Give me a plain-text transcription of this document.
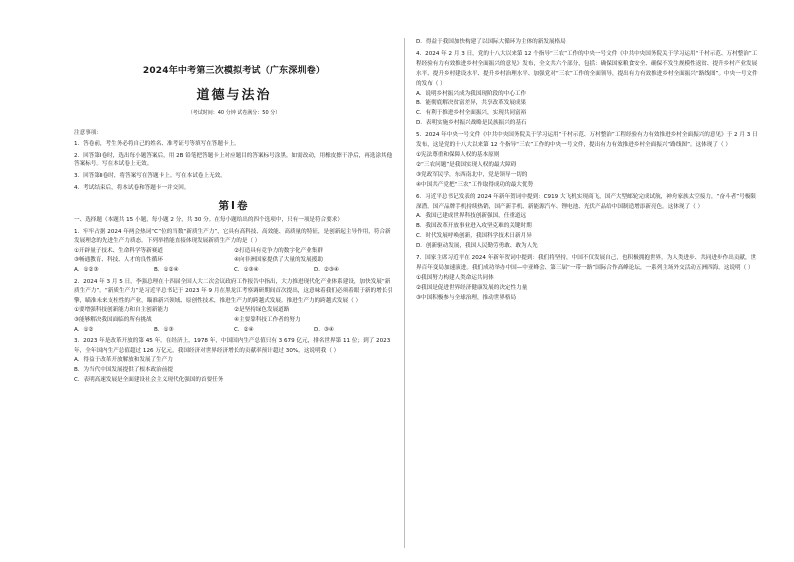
2024年中考第三次模拟考试（广东深圳卷）
道德与法治
（考试时间：40 分钟 试卷满分：50 分）
注意事项：
1．答卷前，考生务必将自己的姓名、准考证号等填写在答题卡上。
2．回答第Ⅰ卷时，选出每小题答案后，用 2B 铅笔把答题卡上对应题目的答案标号涂黑。如需改动，用橡皮擦干净后，再选涂其他答案标号。写在本试卷上无效。
3．回答第Ⅱ卷时，将答案写在答题卡上。写在本试卷上无效。
4．考试结束后，将本试卷和答题卡一并交回。
第Ⅰ卷

一、选择题（本题共 15 小题，每小题 2 分，共 30 分。在每小题给出的四个选项中，只有一项是符合要求）

1．牢牢占据 2024 年两会热词“C”位的当数“新质生产力”，它具有高科技、高效能、高质量的特征，是创新起主导作用，符合新发展理念的先进生产力质态。下列举措能直接体现发展新质生产力的是（ ）

①开辟量子技术、生命科学等新赛道	②打造具有竞争力的数字化产业集群

③畅通教育、科技、人才的良性循环	④向非洲国家提供了大量的发展援助

A．①②③	B．①②④	C．①③④	D．②③④

2．2024 年 3 月 5 日，李强总理在十四届全国人大二次会议政府工作报告中指出，大力推进现代化产业体系建设，加快发展“新质生产力”。“新质生产力”是习近平总书记于 2023 年 9 月在黑龙江考察调研期间首次提出，这意味着我们必须着眼于新的增长引擎，瞄准未来支柱性的产业，瞄准新兴领域、原创性技术，推进生产力的跨越式发展。推进生产力的跨越式发展（ ）

①要增强科技创新能力和自主创新能力	②是坚持绿色发展道路

③能够解决我国面临的所有挑战	④主要靠科技工作者的努力

A．①②	B．①③	C．②④	D．③④

3．2023 年是改革开放的第 45 年。在经济上，1978 年，中国国内生产总值只有 3 679 亿元，排名世界第 11 位；到了 2023 年，全年国内生产总值超过 126 万亿元，我国经济对世界经济增长的贡献率预计超过 30%。这说明我（ ）

A．得益于改革开放解放和发展了生产力

B．为当代中国发展提供了根本政治前提

C．表明高速发展是全面建设社会主义现代化强国的首要任务

D．得益于我国加快构建了以国际大循环为主体的新发展格局

4．2024 年 2 月 3 日，党的十八大以来第 12 个指导“三农”工作的中央一号文件《中共中央国务院关于学习运用“千村示范、万村整治”工程经验有力有效推进乡村全面振兴的意见》发布，全文共六个部分，包括：确保国家粮食安全、确保不发生规模性返贫、提升乡村产业发展水平、提升乡村建设水平、提升乡村治理水平、加强党对“三农”工作的全面领导，提出有力有效推进乡村全面振兴“路线图”。中央一号文件的发布（ ）

A．说明乡村振兴成为我国现阶段的中心工作

B．能彻底解决贫富差异，共享改革发展成果

C．有利于推进乡村全面振兴，实现共同富裕

D．表明实施乡村振兴战略是民族振兴的基石

5．2024 年中央一号文件《中共中央国务院关于学习运用“千村示范、万村整治”工程经验有力有效推进乡村全面振兴的意见》于 2 月 3 日发布，这是党的十八大以来第 12 个指导“三农”工作的中央一号文件，提出有力有效推进乡村全面振兴“路线图”。这体现了（ ）

①宪法尊重和保障人权的基本原则

②“三农问题”是我国实现人权的最大障碍

③党政军民学，东西南北中，党是领导一切的

④中国共产党把“三农”工作取得成功的最大优势

6．习近平总书记发表的 2024 年新年贺词中提到：C919 大飞机实现商飞，国产大型邮轮完成试航，神舟家族太空接力，“奋斗者”号极限深潜。国产品牌手机持续热销，国产新手机、新能源汽车、锂电池、光伏产品给中国制造增添新亮色。这体现了（ ）

A．我国已建成世界科技创新强国，任重道远

B．我国改革开放事业进入攻坚克难的关键时期

C．时代发展呼唤创新，我国科学技术日新月异

D．创新驱动发展，我国人民勤劳勇敢、敢为人先

7．国家主席习近平在 2024 年新年贺词中提到：我们将坚持，中国不仅发展自己，也积极拥抱世界，为人类进步、共同进步作出贡献，世界百年变局加速演进。我们成功举办中国—中亚峰会、第三届“一带一路”国际合作高峰论坛，一系列主场外交活动五洲四海。这说明（ ）

①我国努力构建人类命运共同体

②我国是促进世界经济健康发展的决定性力量

③中国积极参与全球治理，推动世界格局
